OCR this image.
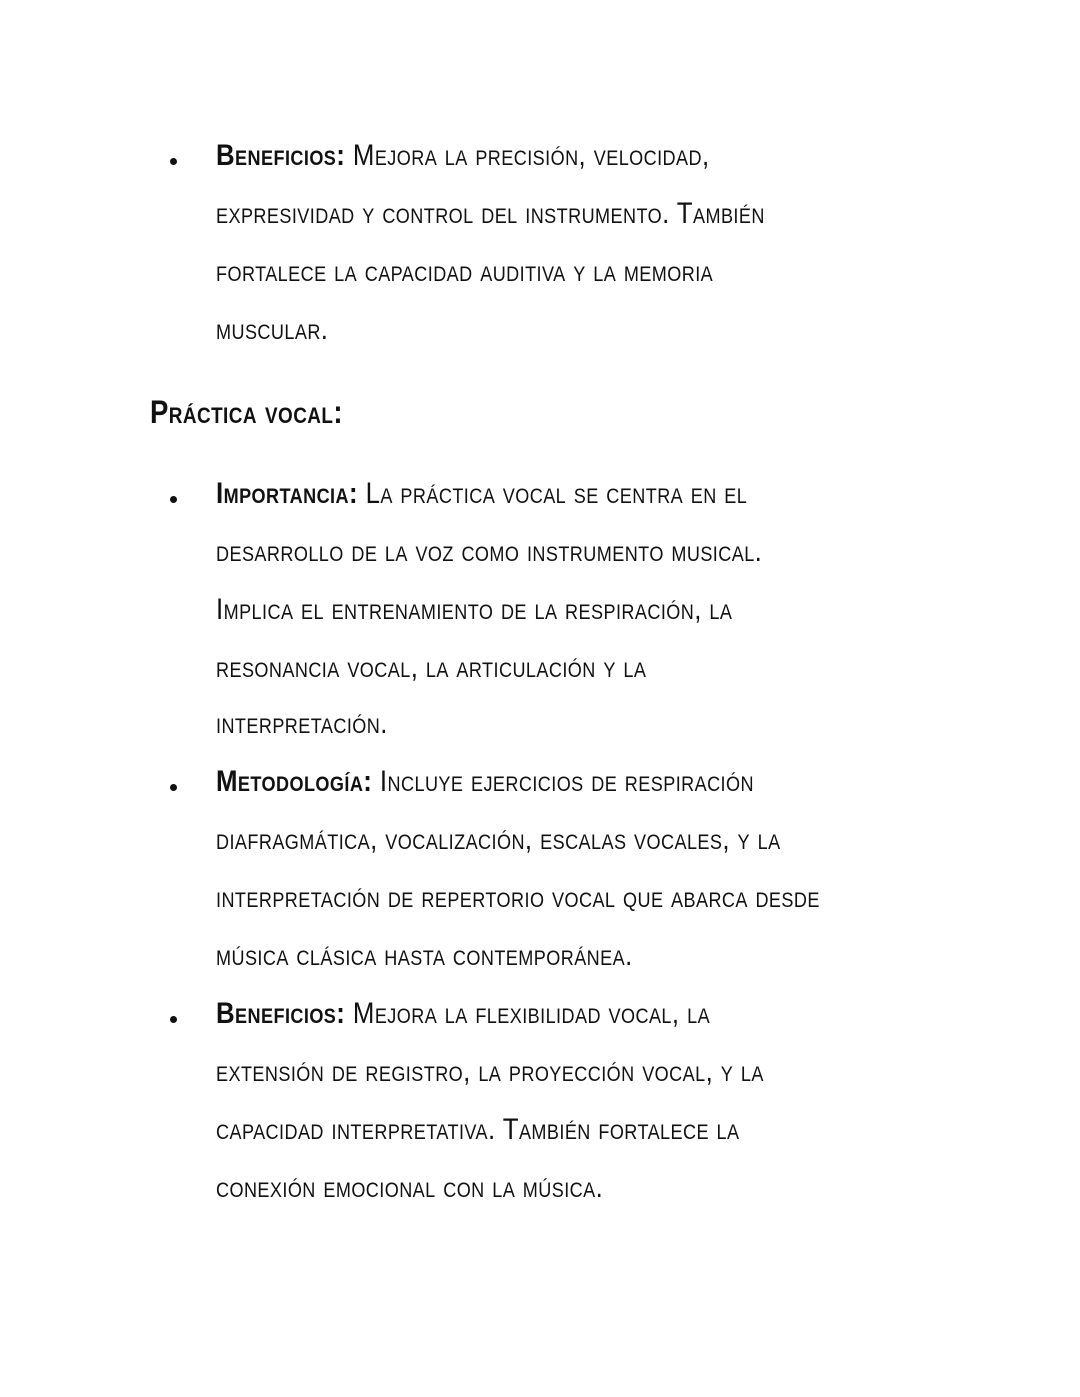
Beneficios: Mejora la precisión, velocidad,
expresividad y control del instrumento. También
fortalece la capacidad auditiva y la memoria
muscular.
Práctica vocal:
Importancia: La práctica vocal se centra en el
desarrollo de la voz como instrumento musical.
Implica el entrenamiento de la respiración, la
resonancia vocal, la articulación y la
interpretación.
Metodología: Incluye ejercicios de respiración
diafragmática, vocalización, escalas vocales, y la
interpretación de repertorio vocal que abarca desde
música clásica hasta contemporánea.
Beneficios: Mejora la flexibilidad vocal, la
extensión de registro, la proyección vocal, y la
capacidad interpretativa. También fortalece la
conexión emocional con la música.
